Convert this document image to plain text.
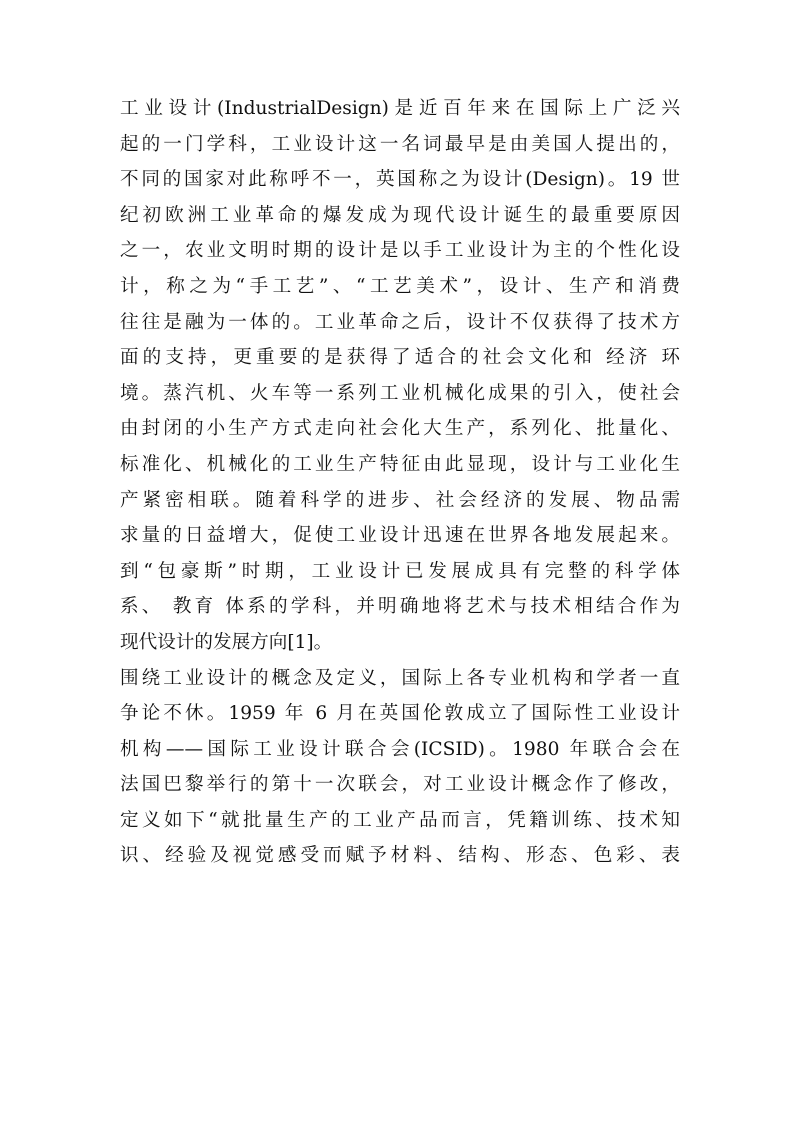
工业设计(IndustrialDesign)是近百年来在国际上广泛兴
起的一门学科，工业设计这一名词最早是由美国人提出的，
不同的国家对此称呼不一，英国称之为设计(Design)。19 世
纪初欧洲工业革命的爆发成为现代设计诞生的最重要原因
之一，农业文明时期的设计是以手工业设计为主的个性化设
计，称之为“手工艺”、“工艺美术”，设计、生产和消费
往往是融为一体的。工业革命之后，设计不仅获得了技术方
面的支持，更重要的是获得了适合的社会文化和 经济 环
境。蒸汽机、火车等一系列工业机械化成果的引入，使社会
由封闭的小生产方式走向社会化大生产，系列化、批量化、
标准化、机械化的工业生产特征由此显现，设计与工业化生
产紧密相联。随着科学的进步、社会经济的发展、物品需
求量的日益增大，促使工业设计迅速在世界各地发展起来。
到“包豪斯”时期，工业设计已发展成具有完整的科学体
系、 教育 体系的学科，并明确地将艺术与技术相结合作为
现代设计的发展方向[1]。
围绕工业设计的概念及定义，国际上各专业机构和学者一直
争论不休。1959 年 6 月在英国伦敦成立了国际性工业设计
机构——国际工业设计联合会(ICSID)。1980 年联合会在
法国巴黎举行的第十一次联会，对工业设计概念作了修改，
定义如下“就批量生产的工业产品而言，凭籍训练、技术知
识、经验及视觉感受而赋予材料、结构、形态、色彩、表
